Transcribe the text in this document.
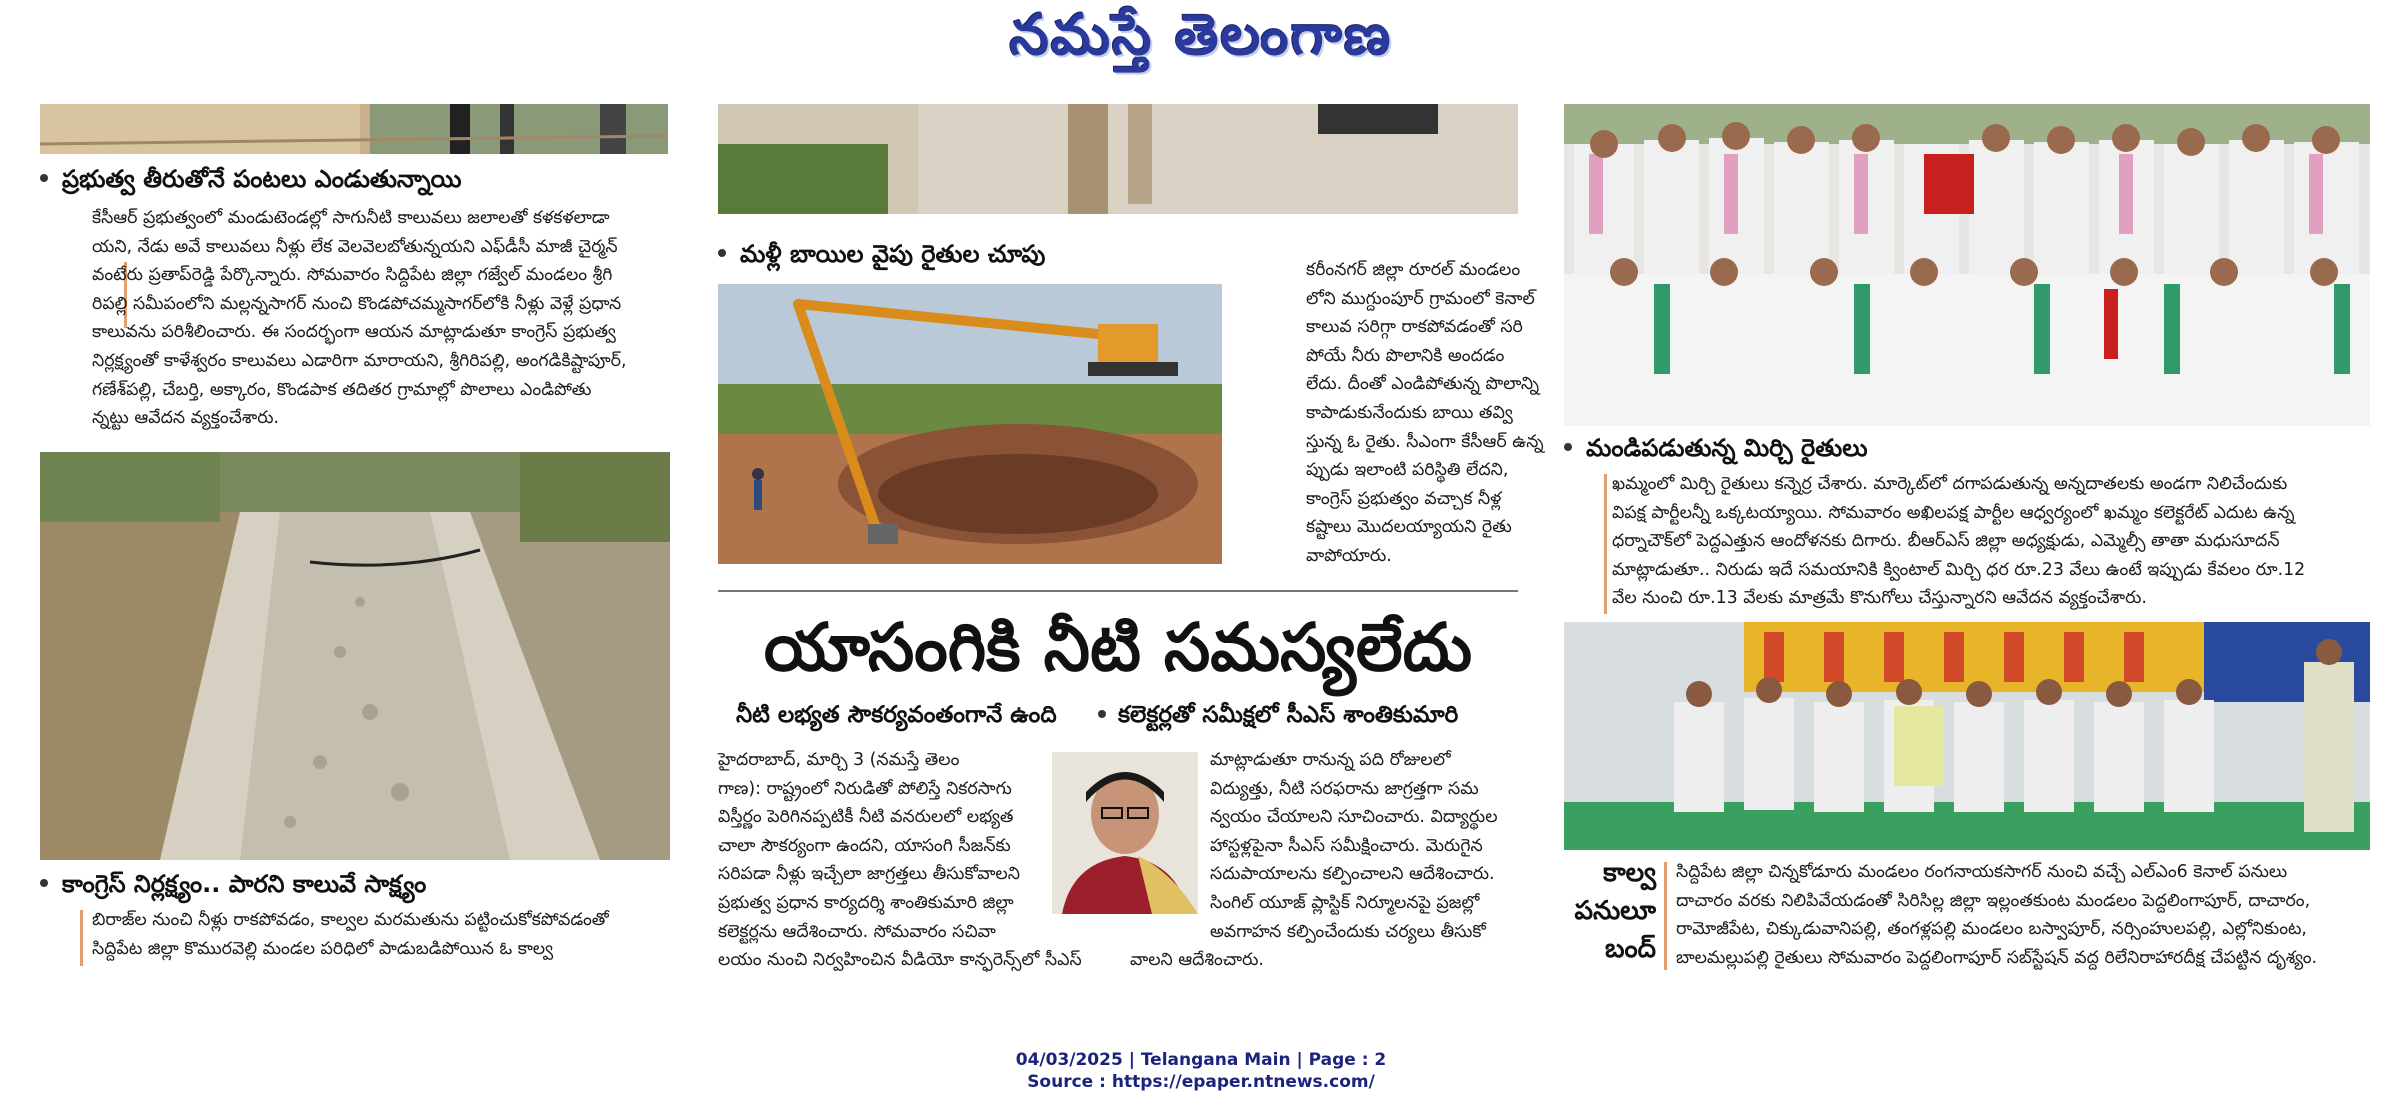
నమస్తే తెలంగాణ
ప్రభుత్వ తీరుతోనే పంటలు ఎండుతున్నాయి
కేసీఆర్ ప్రభుత్వంలో మండుటెండల్లో సాగునీటి కాలువలు జలాలతో కళకళలాడా
యని, నేడు అవే కాలువలు నీళ్లు లేక వెలవెలబోతున్నయని ఎఫ్‌డీసీ మాజీ చైర్మన్
వంటేరు ప్రతాప్‌రెడ్డి పేర్కొన్నారు. సోమవారం సిద్దిపేట జిల్లా గజ్వేల్ మండలం శ్రీగి
రిపల్లి సమీపంలోని మల్లన్నసాగర్ నుంచి కొండపోచమ్మసాగర్‌లోకి నీళ్లు వెళ్లే ప్రధాన
కాలువను పరిశీలించారు. ఈ సందర్భంగా ఆయన మాట్లాడుతూ కాంగ్రెస్ ప్రభుత్వ
నిర్లక్ష్యంతో కాళేశ్వరం కాలువలు ఎడారిగా మారాయని, శ్రీగిరిపల్లి, అంగడికిష్టాపూర్,
గణేశ్‌పల్లి, చేబర్తి, అక్కారం, కొండపాక తదితర గ్రామాల్లో పొలాలు ఎండిపోతు
న్నట్టు ఆవేదన వ్యక్తంచేశారు.
కాంగ్రెస్ నిర్లక్ష్యం.. పారని కాలువే సాక్ష్యం
బిరాజ్‌ల నుంచి నీళ్లు రాకపోవడం, కాల్వల మరమతును పట్టించుకోకపోవడంతో
సిద్దిపేట జిల్లా కొమురవెల్లి మండల పరిధిలో పాడుబడిపోయిన ఓ కాల్వ
మళ్లీ బాయిల వైపు రైతుల చూపు
కరీంనగర్ జిల్లా రూరల్ మండలం
లోని ముగ్దుంపూర్ గ్రామంలో కెనాల్
కాలువ సరిగ్గా రాకపోవడంతో సరి
పోయే నీరు పొలానికి అందడం
లేదు. దీంతో ఎండిపోతున్న పొలాన్ని
కాపాడుకునేందుకు బాయి తవ్వి
స్తున్న ఓ రైతు. సీఎంగా కేసీఆర్ ఉన్న
ప్పుడు ఇలాంటి పరిస్థితి లేదని,
కాంగ్రెస్ ప్రభుత్వం వచ్చాక నీళ్ల
కష్టాలు మొదలయ్యాయని రైతు
వాపోయారు.
యాసంగికి నీటి సమస్యలేదు
నీటి లభ్యత సౌకర్యవంతంగానే ఉంది	కలెక్టర్లతో సమీక్షలో సీఎస్ శాంతికుమారి
హైదరాబాద్, మార్చి 3 (నమస్తే తెలం
గాణ): రాష్ట్రంలో నిరుడితో పోలిస్తే నికరసాగు
విస్తీర్ణం పెరిగినప్పటికీ నీటి వనరులలో లభ్యత
చాలా సౌకర్యంగా ఉందని, యాసంగి సీజన్‌కు
సరిపడా నీళ్లు ఇచ్చేలా జాగ్రత్తలు తీసుకోవాలని
ప్రభుత్వ ప్రధాన కార్యదర్శి శాంతికుమారి జిల్లా
కలెక్టర్లను ఆదేశించారు. సోమవారం సచివా
లయం నుంచి నిర్వహించిన వీడియో కాన్ఫరెన్స్‌లో సీఎస్
మాట్లాడుతూ రానున్న పది రోజులలో
విద్యుత్తు, నీటి సరఫరాను జాగ్రత్తగా సమ
న్వయం చేయాలని సూచించారు. విద్యార్థుల
హాస్టళ్లపైనా సీఎస్ సమీక్షించారు. మెరుగైన
సదుపాయాలను కల్పించాలని ఆదేశించారు.
సింగిల్ యూజ్ ప్లాస్టిక్ నిర్మూలనపై ప్రజల్లో
అవగాహన కల్పించేందుకు చర్యలు తీసుకో
వాలని ఆదేశించారు.
మండిపడుతున్న మిర్చి రైతులు
ఖమ్మంలో మిర్చి రైతులు కన్నెర్ర చేశారు. మార్కెట్‌లో దగాపడుతున్న అన్నదాతలకు అండగా నిలిచేందుకు
విపక్ష పార్టీలన్నీ ఒక్కటయ్యాయి. సోమవారం అఖిలపక్ష పార్టీల ఆధ్వర్యంలో ఖమ్మం కలెక్టరేట్ ఎదుట ఉన్న
ధర్నాచౌక్‌లో పెద్దఎత్తున ఆందోళనకు దిగారు. బీఆర్‌ఎస్ జిల్లా అధ్యక్షుడు, ఎమ్మెల్సీ తాతా మధుసూదన్
మాట్లాడుతూ.. నిరుడు ఇదే సమయానికి క్వింటాల్ మిర్చి ధర రూ.23 వేలు ఉంటే ఇప్పుడు కేవలం రూ.12
వేల నుంచి రూ.13 వేలకు మాత్రమే కొనుగోలు చేస్తున్నారని ఆవేదన వ్యక్తంచేశారు.
కాల్వ
పనులూ
బంద్
సిద్దిపేట జిల్లా చిన్నకోడూరు మండలం రంగనాయకసాగర్ నుంచి వచ్చే ఎల్‌ఎం6 కెనాల్ పనులు
దాచారం వరకు నిలిపివేయడంతో సిరిసిల్ల జిల్లా ఇల్లంతకుంట మండలం పెద్దలింగాపూర్, దాచారం,
రామోజీపేట, చిక్కుడువానిపల్లి, తంగళ్లపల్లి మండలం బస్వాపూర్, నర్సింహులపల్లి, ఎల్లోనికుంట,
బాలమల్లుపల్లి రైతులు సోమవారం పెద్దలింగాపూర్ సబ్‌స్టేషన్ వద్ద రిలేనిరాహారదీక్ష చేపట్టిన దృశ్యం.
04/03/2025 | Telangana Main | Page : 2
Source : https://epaper.ntnews.com/
